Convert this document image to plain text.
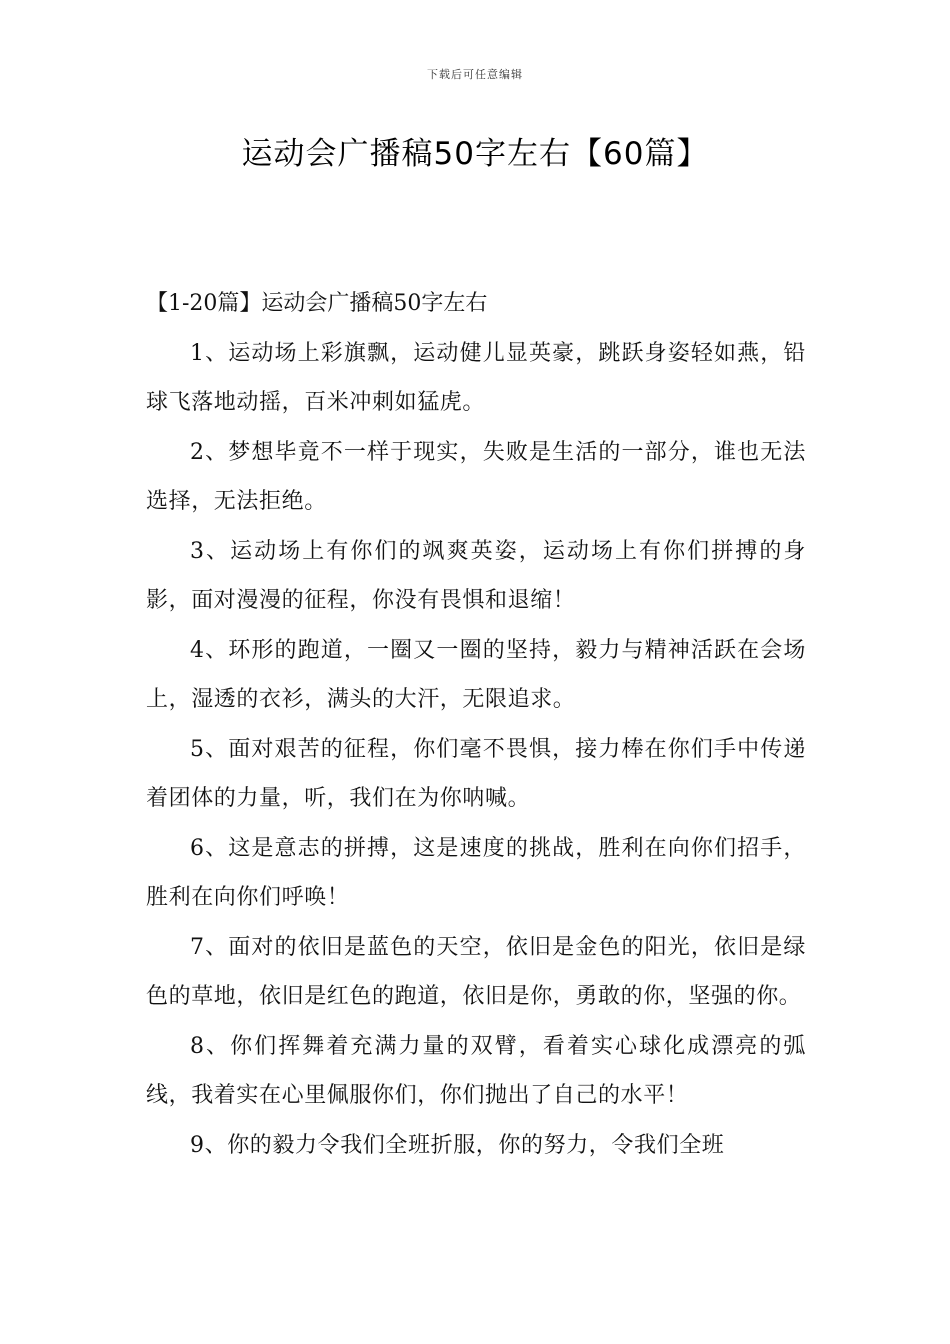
下载后可任意编辑
运动会广播稿50字左右【60篇】

【1-20篇】运动会广播稿50字左右

1、运动场上彩旗飘，运动健儿显英豪，跳跃身姿轻如燕，铅球飞落地动摇，百米冲刺如猛虎。

2、梦想毕竟不一样于现实，失败是生活的一部分，谁也无法选择，无法拒绝。

3、运动场上有你们的飒爽英姿，运动场上有你们拼搏的身影，面对漫漫的征程，你没有畏惧和退缩！

4、环形的跑道，一圈又一圈的坚持，毅力与精神活跃在会场上，湿透的衣衫，满头的大汗，无限追求。

5、面对艰苦的征程，你们毫不畏惧，接力棒在你们手中传递着团体的力量，听，我们在为你呐喊。

6、这是意志的拼搏，这是速度的挑战，胜利在向你们招手，胜利在向你们呼唤！

7、面对的依旧是蓝色的天空，依旧是金色的阳光，依旧是绿色的草地，依旧是红色的跑道，依旧是你，勇敢的你，坚强的你。

8、你们挥舞着充满力量的双臂，看着实心球化成漂亮的弧线，我着实在心里佩服你们，你们抛出了自己的水平！

9、你的毅力令我们全班折服，你的努力，令我们全班
